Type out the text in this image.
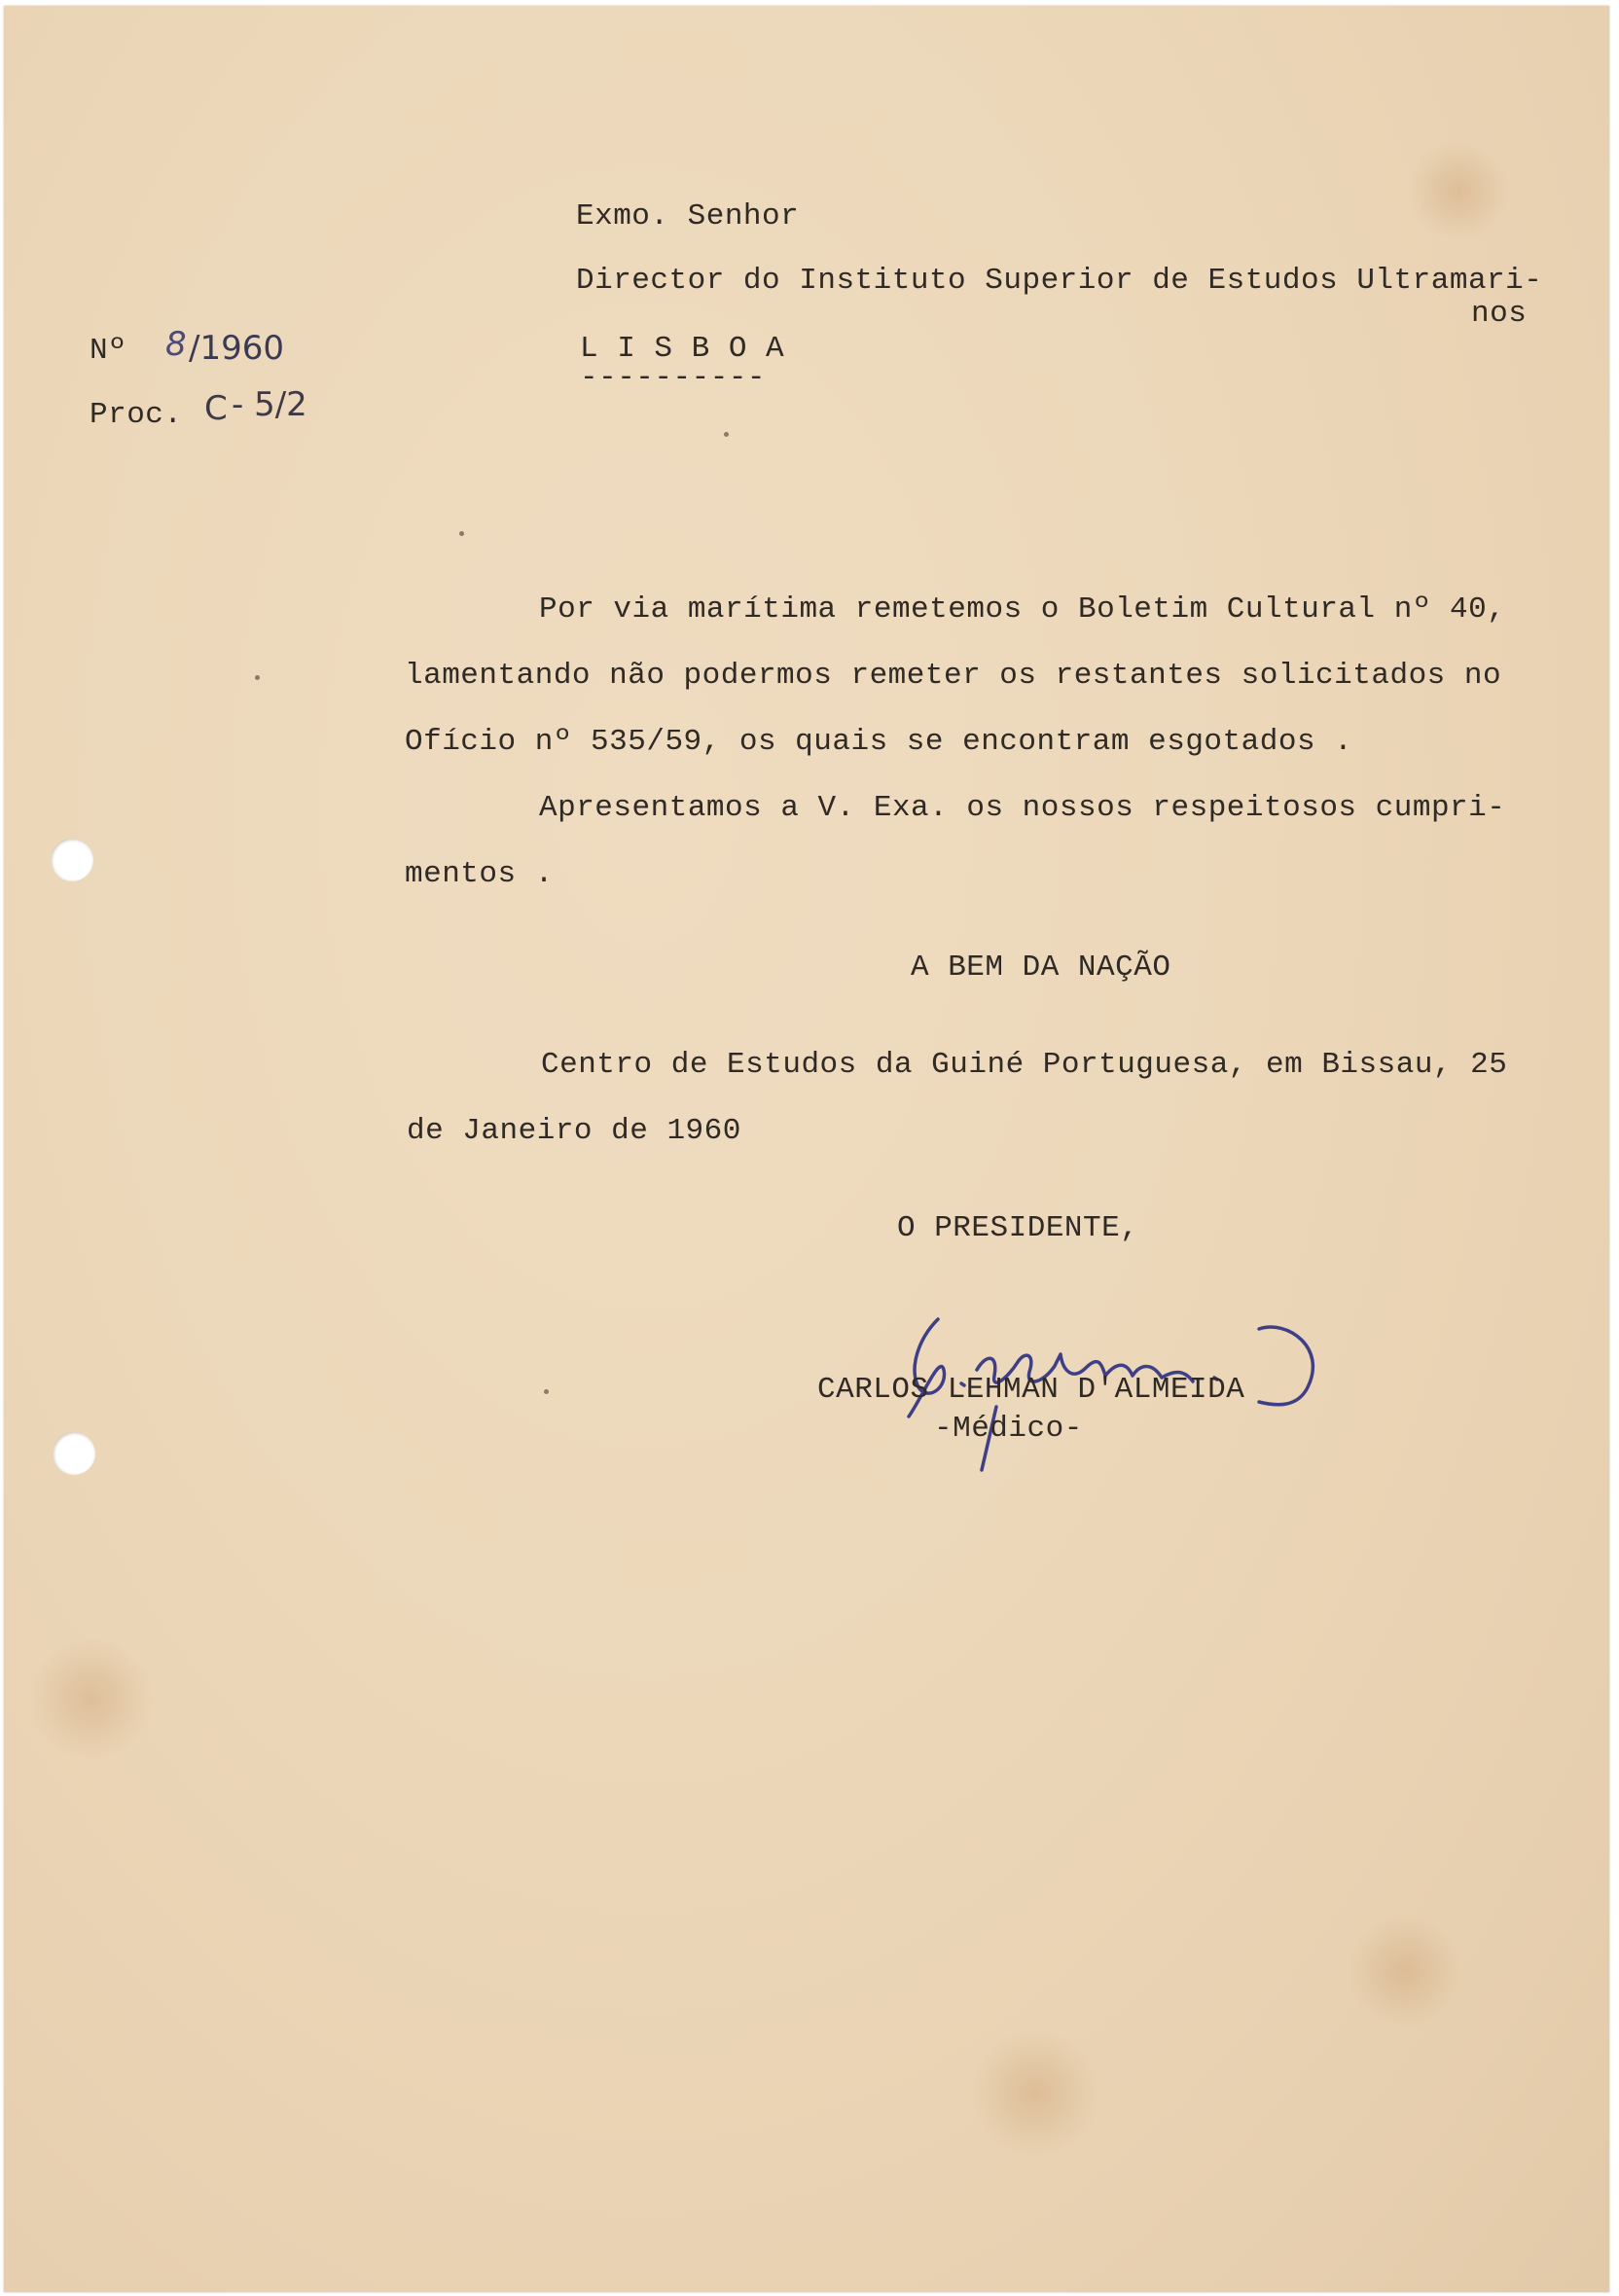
Nº 8 /1960
Proc. C - 5/2
Exmo. Senhor
Director do Instituto Superior de Estudos Ultramari-
nos
L I S B O A
----------
Por via marítima remetemos o Boletim Cultural nº 40,
lamentando não podermos remeter os restantes solicitados no
Ofício nº 535/59, os quais se encontram esgotados .
Apresentamos a V. Exa. os nossos respeitosos cumpri-
mentos .
A BEM DA NAÇÃO
Centro de Estudos da Guiné Portuguesa, em Bissau, 25
de Janeiro de 1960
O PRESIDENTE,
CARLOS LEHMAN D'ALMEIDA
-Médico-
